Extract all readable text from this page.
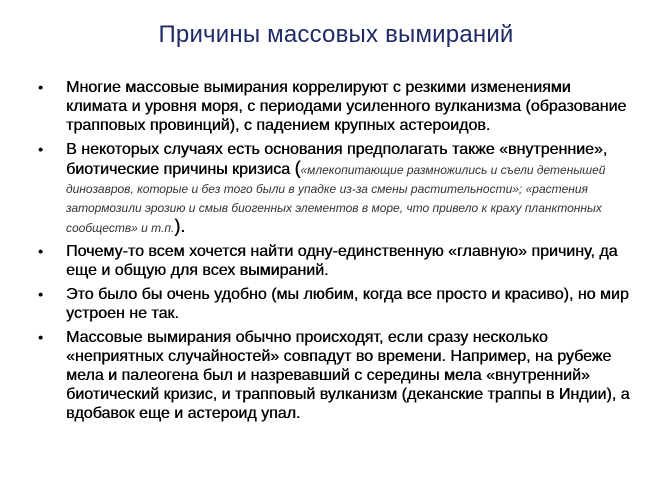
Причины массовых вымираний
• Многие массовые вымирания коррелируют с резкими изменениями климата и уровня моря, с периодами усиленного вулканизма (образование трапповых провинций), с падением крупных астероидов.
• В некоторых случаях есть основания предполагать также «внутренние», биотические причины кризиса («млекопитающие размножились и съели детенышей динозавров, которые и без того были в упадке из-за смены растительности»; «растения затормозили эрозию и смыв биогенных элементов в море, что привело к краху планктонных сообществ» и т.п.).
• Почему-то всем хочется найти одну-единственную «главную» причину, да еще и общую для всех вымираний.
• Это было бы очень удобно (мы любим, когда все просто и красиво), но мир устроен не так.
• Массовые вымирания обычно происходят, если сразу несколько «неприятных случайностей» совпадут во времени. Например, на рубеже мела и палеогена был и назревавший с середины мела «внутренний» биотический кризис, и трапповый вулканизм (деканские траппы в Индии), а вдобавок еще и астероид упал.
